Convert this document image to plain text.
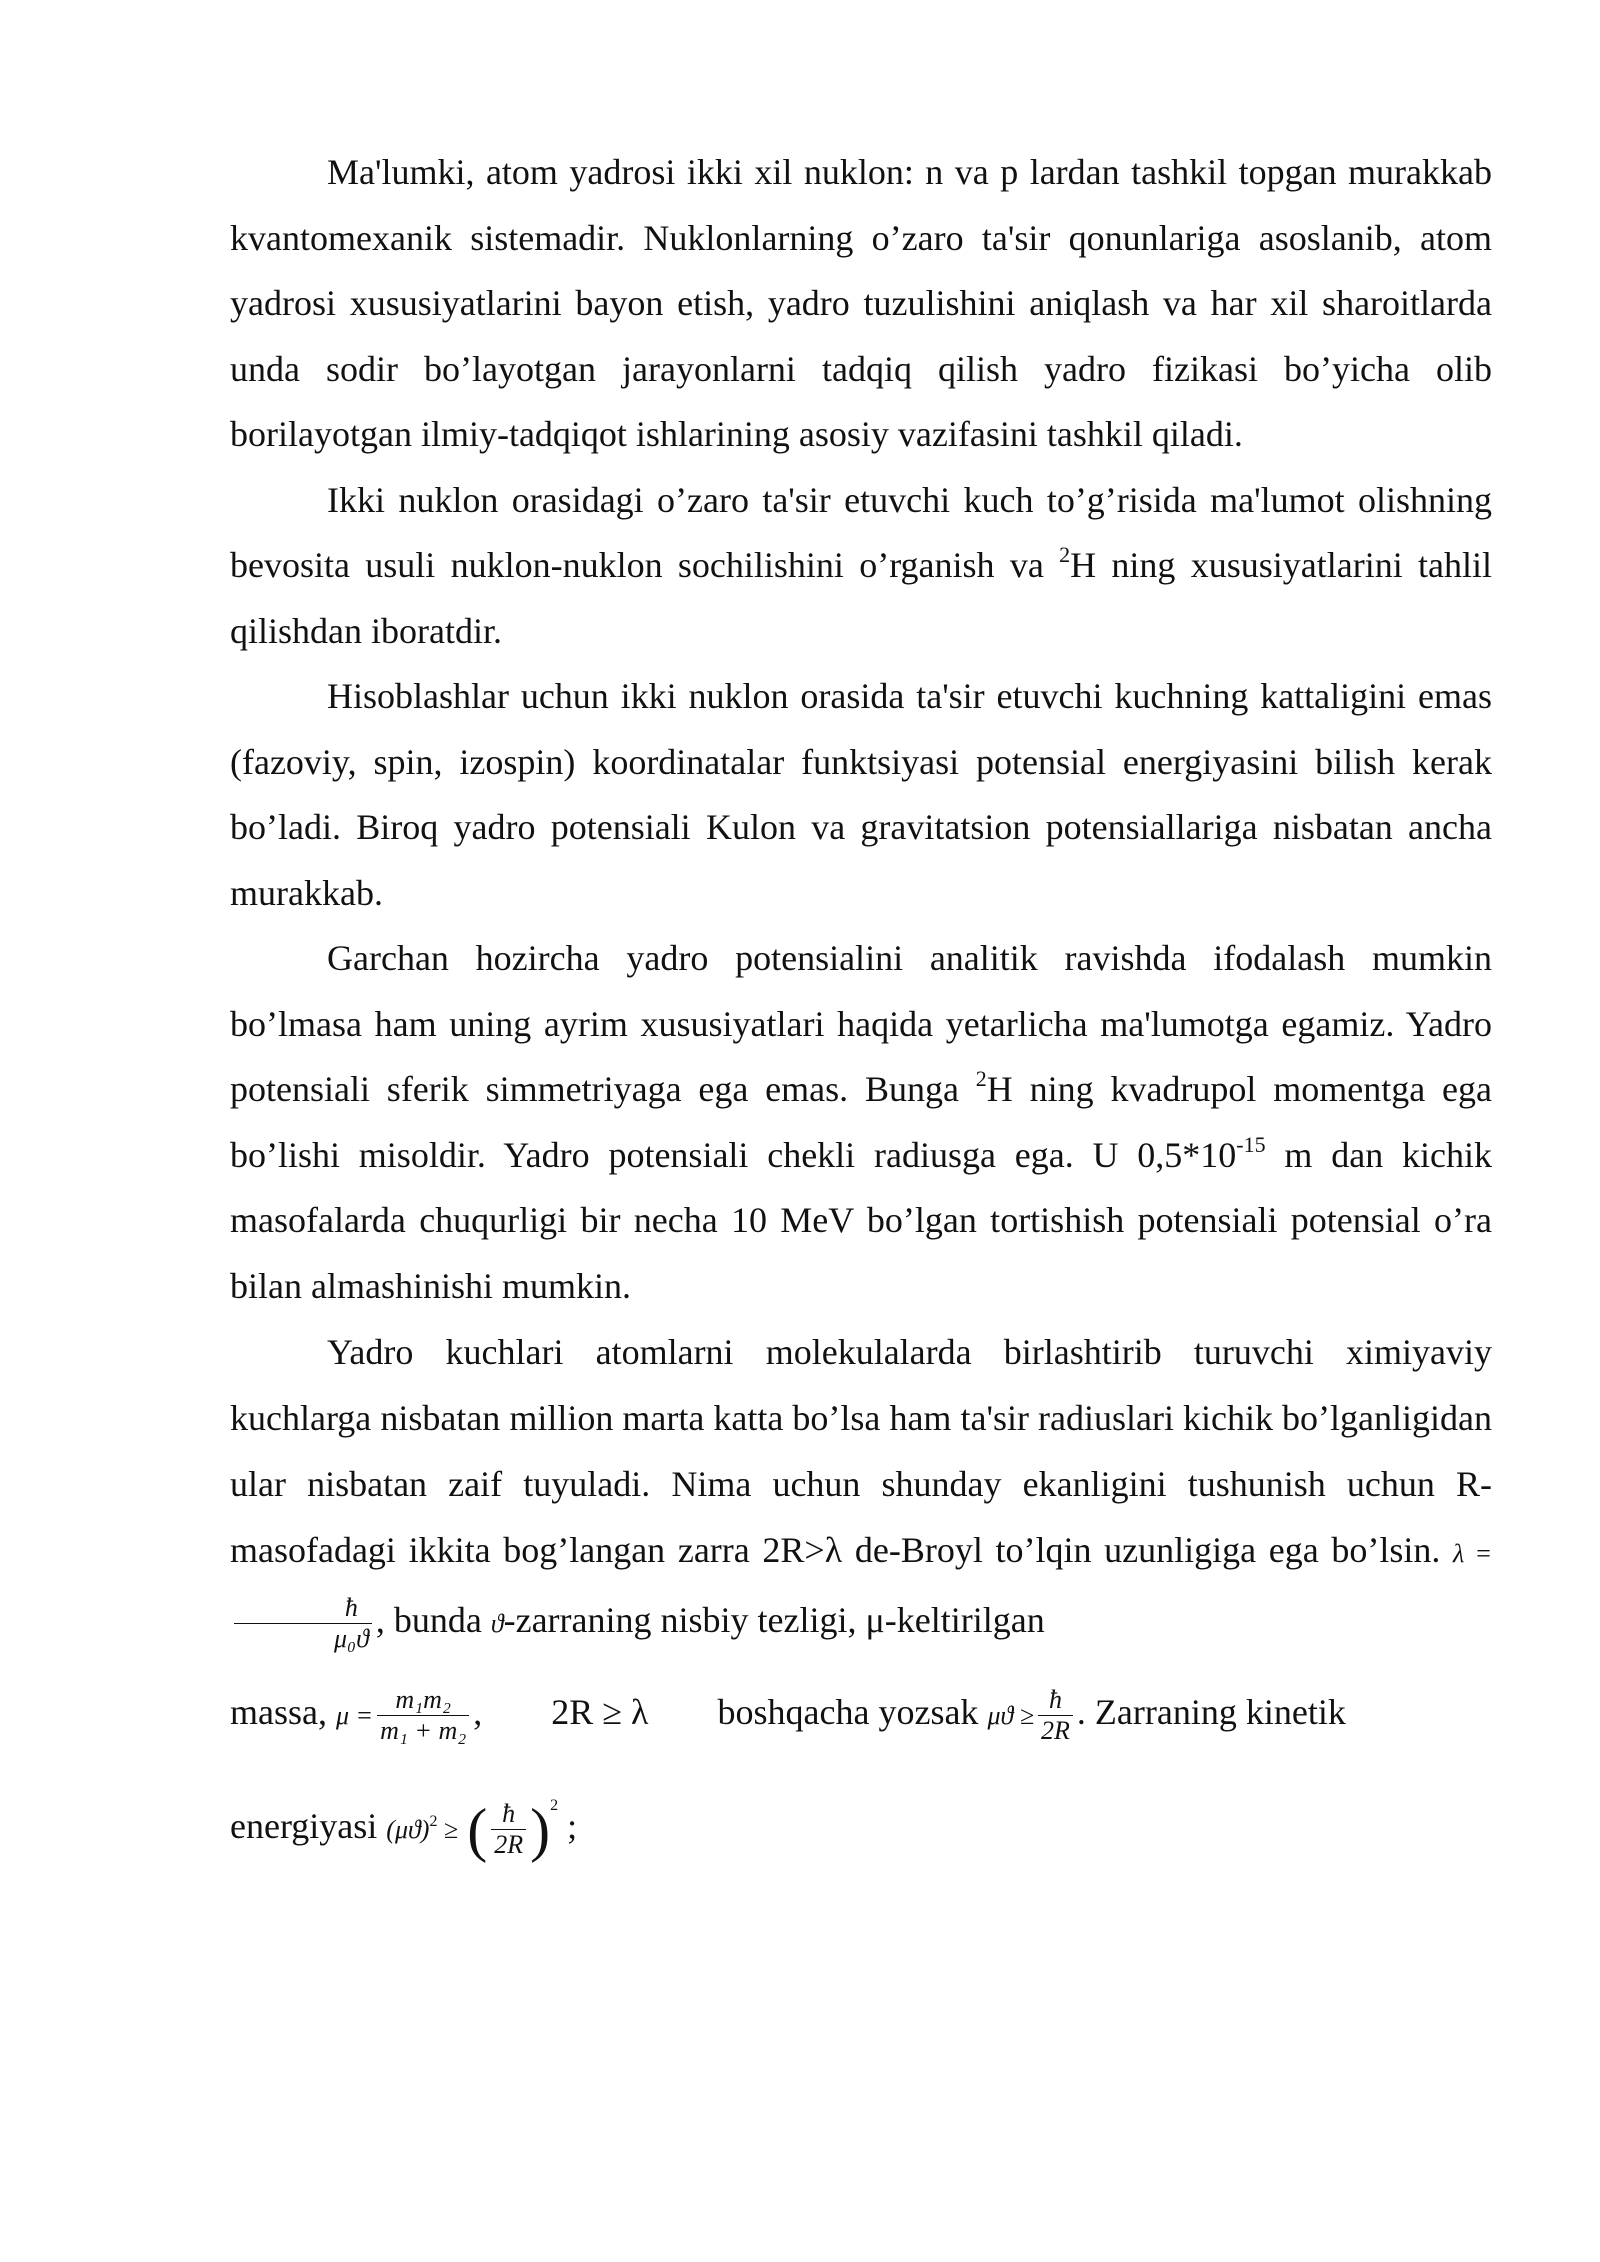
Ma'lumki, atom yadrosi ikki xil nuklon: n va p lardan tashkil topgan murakkab kvantomexanik sistemadir. Nuklonlarning o’zaro ta'sir qonunlariga asoslanib, atom yadrosi xususiyatlarini bayon etish, yadro tuzulishini aniqlash va har xil sharoitlarda unda sodir bo’layotgan jarayonlarni tadqiq qilish yadro fizikasi bo’yicha olib borilayotgan ilmiy-tadqiqot ishlarining asosiy vazifasini tashkil qiladi.

Ikki nuklon orasidagi o’zaro ta'sir etuvchi kuch to’g’risida ma'lumot olishning bevosita usuli nuklon-nuklon sochilishini o’rganish va $^2$H ning xususiyatlarini tahlil qilishdan iboratdir.

Hisoblashlar uchun ikki nuklon orasida ta'sir etuvchi kuchning kattaligini emas (fazoviy, spin, izospin) koordinatalar funktsiyasi potensial energiyasini bilish kerak bo’ladi. Biroq yadro potensiali Kulon va gravitatsion potensiallariga nisbatan ancha murakkab.

Garchan hozircha yadro potensialini analitik ravishda ifodalash mumkin bo’lmasa ham uning ayrim xususiyatlari haqida yetarlicha ma'lumotga egamiz. Yadro potensiali sferik simmetriyaga ega emas. Bunga $^2$H ning kvadrupol momentga ega bo’lishi misoldir. Yadro potensiali chekli radiusga ega. U $0,5*10^{-15}$ m dan kichik masofalarda chuqurligi bir necha 10 MeV bo’lgan tortishish potensiali potensial o’ra bilan almashinishi mumkin.

Yadro kuchlari atomlarni molekulalarda birlashtirib turuvchi ximiyaviy kuchlarga nisbatan million marta katta bo’lsa ham ta'sir radiuslari kichik bo’lganligidan ular nisbatan zaif tuyuladi. Nima uchun shunday ekanligini tushunish uchun R-masofadagi ikkita bog’langan zarra 2R>λ de-Broyl to’lqin uzunligiga ega bo’lsin. λ =
$\frac{ħ}{\text{μ₀ϑ}}$ , bunda ϑ-zarraning nisbiy tezligi, μ-keltirilgan

massa, $\mu = \frac{\text{m₁m₂}}{\text{m₁ + m₂}}$ , 2R ≥ λ boshqacha yozsak $\mu ϑ \ge \frac{ħ}{2R}$ . Zarraning kinetik

energiyasi $(\mu ϑ)^2$ ≥ ( $\frac{ħ}{2R} )^2$ ;
